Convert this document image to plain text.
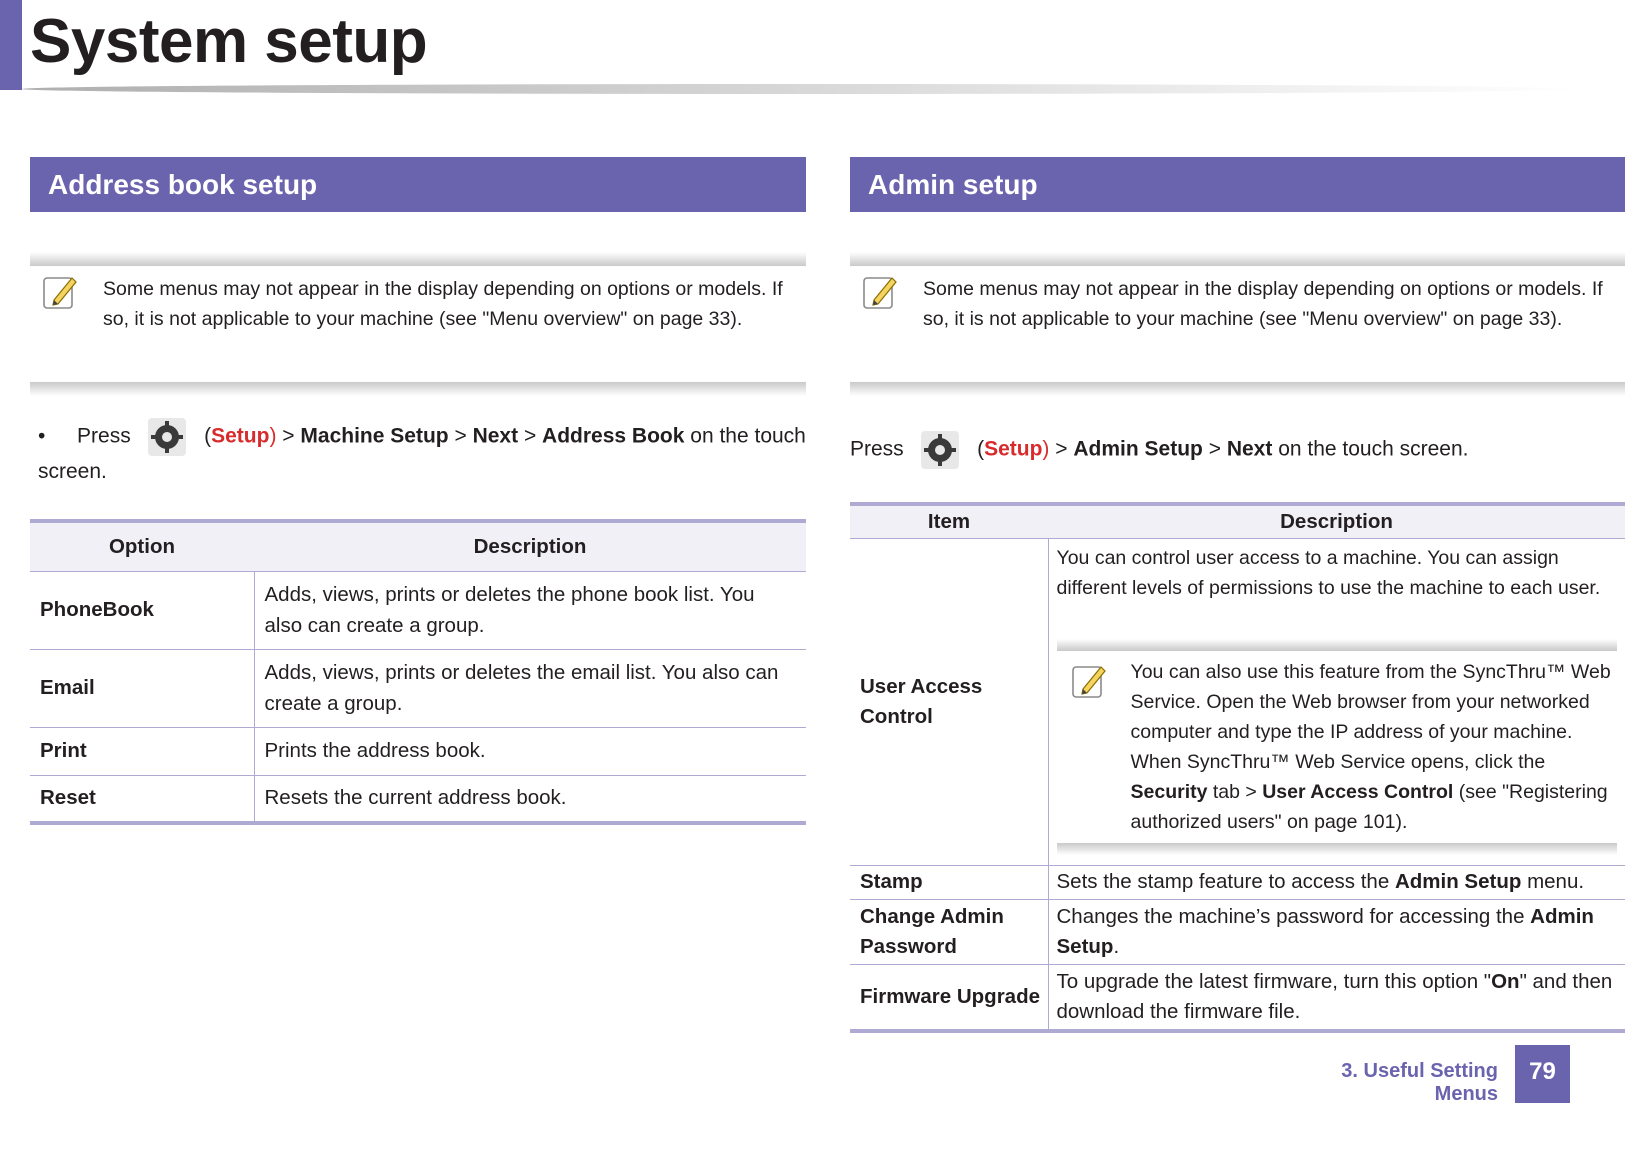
System setup
Address book setup
Some menus may not appear in the display depending on options or models. If so, it is not applicable to your machine (see "Menu overview" on page 33).
• Press	(Setup) > Machine Setup > Next > Address Book on the touch screen.
Option	Description
PhoneBook	Adds, views, prints or deletes the phone book list. You also can create a group.
Email	Adds, views, prints or deletes the email list. You also can create a group.
Print	Prints the address book.
Reset	Resets the current address book.
Admin setup
Some menus may not appear in the display depending on options or models. If so, it is not applicable to your machine (see "Menu overview" on page 33).
Press	(Setup) > Admin Setup > Next on the touch screen.
Item	Description
User Access Control	You can control user access to a machine. You can assign different levels of permissions to use the machine to each user.
You can also use this feature from the SyncThru™ Web Service. Open the Web browser from your networked computer and type the IP address of your machine. When SyncThru™ Web Service opens, click the Security tab > User Access Control (see "Registering authorized users" on page 101).

Stamp	Sets the stamp feature to access the Admin Setup menu.
Change Admin Password	Changes the machine’s password for accessing the Admin Setup.
Firmware Upgrade	To upgrade the latest firmware, turn this option "On" and then download the firmware file.
3. Useful Setting Menus
79
